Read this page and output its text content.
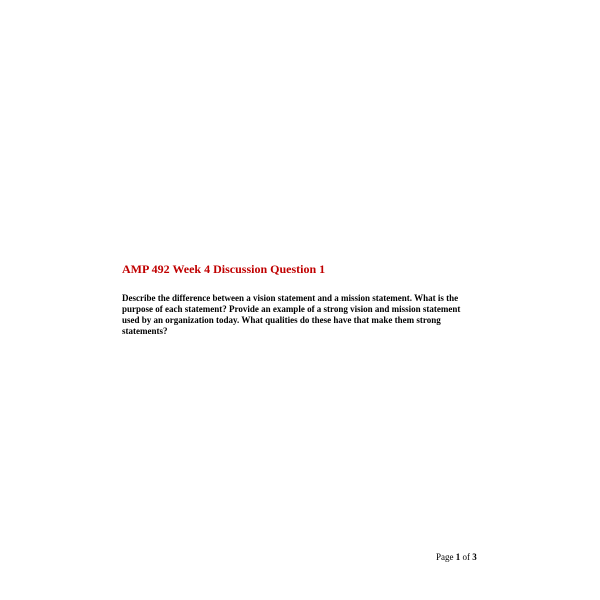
AMP 492 Week 4 Discussion Question 1

Describe the difference between a vision statement and a mission statement. What is the
purpose of each statement? Provide an example of a strong vision and mission statement
used by an organization today. What qualities do these have that make them strong
statements?

Page 1 of 3
